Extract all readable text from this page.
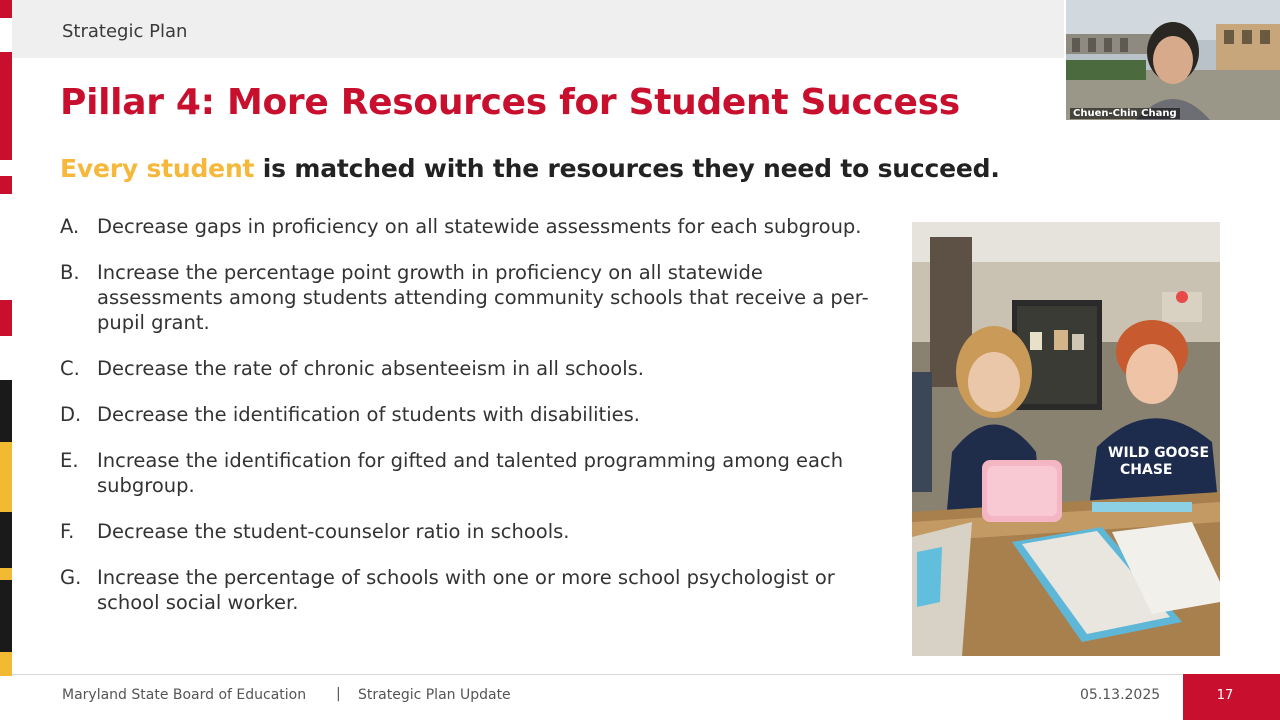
Strategic Plan
Pillar 4: More Resources for Student Success
Every student is matched with the resources they need to succeed.
A. Decrease gaps in proficiency on all statewide assessments for each subgroup.
B. Increase the percentage point growth in proficiency on all statewide assessments among students attending community schools that receive a per-pupil grant.
C. Decrease the rate of chronic absenteeism in all schools.
D. Decrease the identification of students with disabilities.
E. Increase the identification for gifted and talented programming among each subgroup.
F. Decrease the student-counselor ratio in schools.
G. Increase the percentage of schools with one or more school psychologist or school social worker.
WILD GOOSE
CHASE
Maryland State Board of Education | Strategic Plan Update	05.13.2025	17
zoom
Chuen-Chin Chang
